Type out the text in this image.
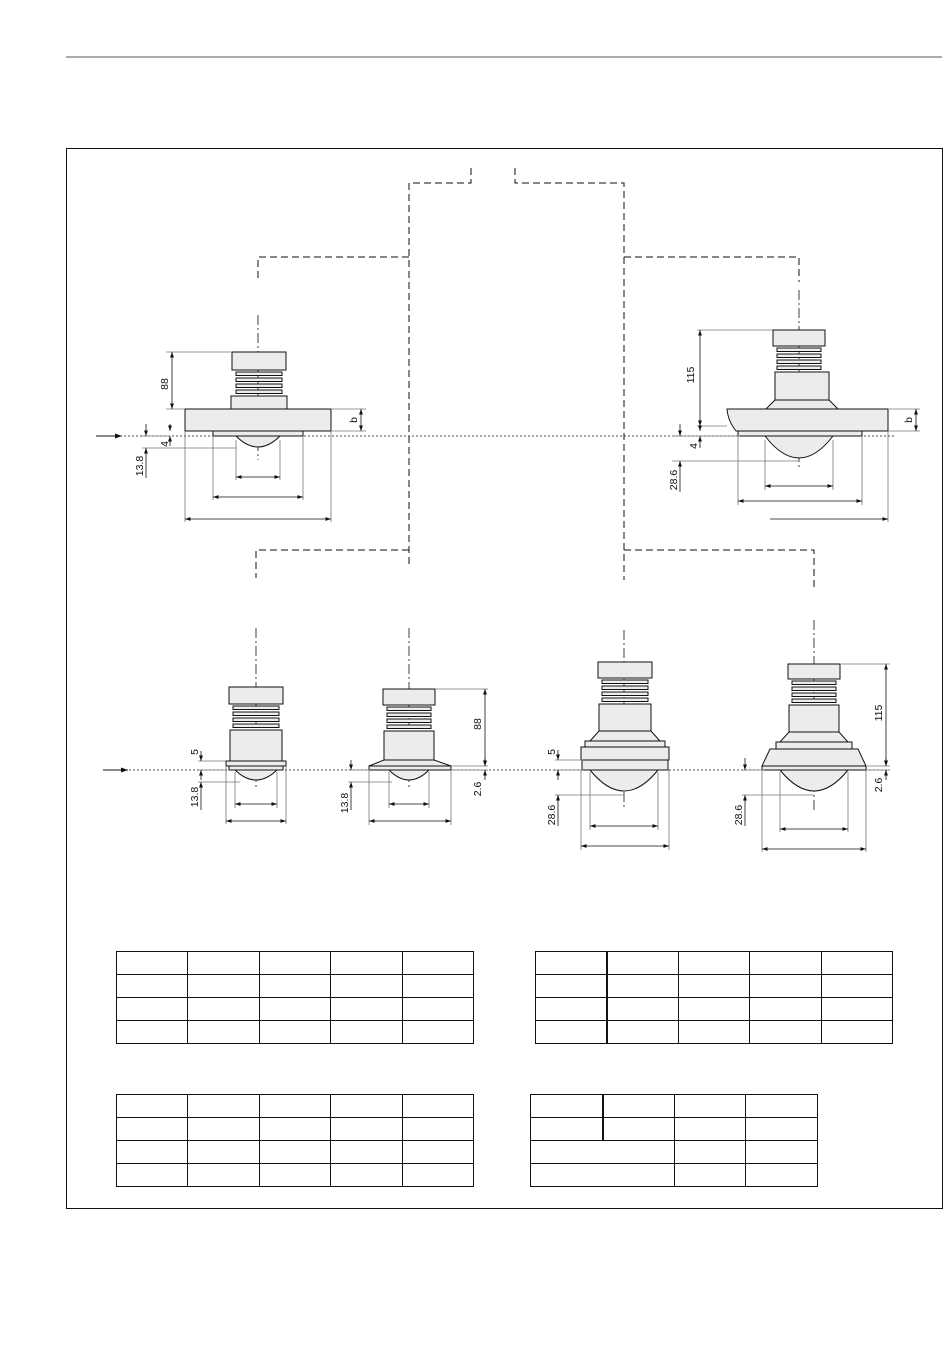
88
b
4
13.8
115
b
4
28.6
5
13.8
88
2.6
13.8
5
28.6
115
2.6
28.6
